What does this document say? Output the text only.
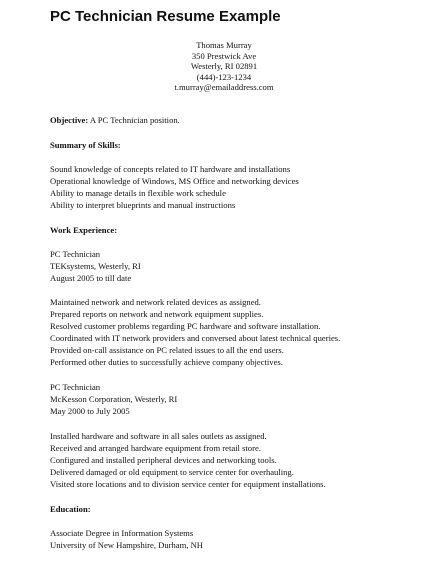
PC Technician Resume Example
Thomas Murray
350 Prestwick Ave
Westerly, RI 02891
(444)-123-1234
t.murray@emailaddress.com
Objective: A PC Technician position.
Summary of Skills:
Sound knowledge of concepts related to IT hardware and installations
Operational knowledge of Windows, MS Office and networking devices
Ability to manage details in flexible work schedule
Ability to interpret blueprints and manual instructions
Work Experience:
PC Technician
TEKsystems, Westerly, RI
August 2005 to till date
Maintained network and network related devices as assigned.
Prepared reports on network and network equipment supplies.
Resolved customer problems regarding PC hardware and software installation.
Coordinated with IT network providers and conversed about latest technical queries.
Provided on-call assistance on PC related issues to all the end users.
Performed other duties to successfully achieve company objectives.
PC Technician
McKesson Corporation, Westerly, RI
May 2000 to July 2005
Installed hardware and software in all sales outlets as assigned.
Received and arranged hardware equipment from retail store.
Configured and installed peripheral devices and networking tools.
Delivered damaged or old equipment to service center for overhauling.
Visited store locations and to division service center for equipment installations.
Education:
Associate Degree in Information Systems
University of New Hampshire, Durham, NH
